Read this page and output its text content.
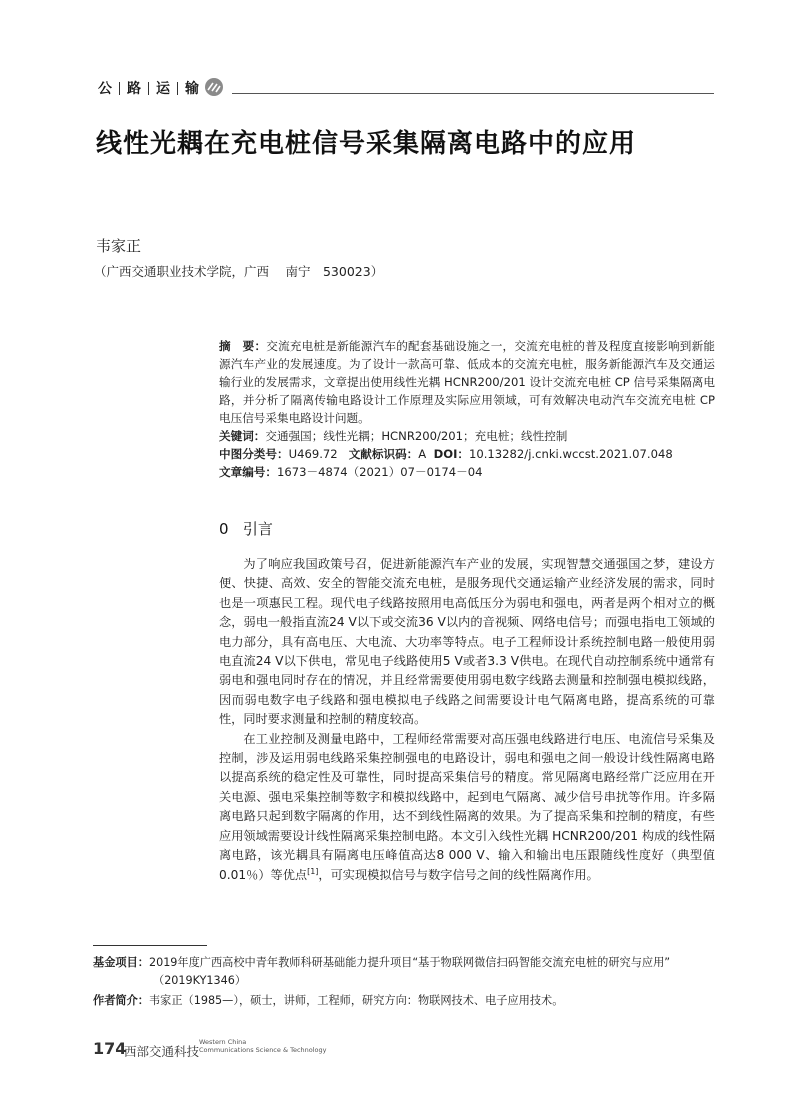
公 路 运 输
线性光耦在充电桩信号采集隔离电路中的应用
韦家正
（广西交通职业技术学院，广西　 南宁　530023）

摘　要：交流充电桩是新能源汽车的配套基础设施之一，交流充电桩的普及程度直接影响到新能源汽车产业的发展速度。为了设计一款高可靠、低成本的交流充电桩，服务新能源汽车及交通运输行业的发展需求，文章提出使用线性光耦 HCNR200/201 设计交流充电桩 CP 信号采集隔离电路，并分析了隔离传输电路设计工作原理及实际应用领域，可有效解决电动汽车交流充电桩 CP 电压信号采集电路设计问题。

关键词：交通强国；线性光耦；HCNR200/201；充电桩；线性控制

中图分类号：U469.72 文献标识码：A DOI：10.13282/j.cnki.wccst.2021.07.048

文章编号：1673－4874（2021）07－0174－04

0 引言

为了响应我国政策号召，促进新能源汽车产业的发展，实现智慧交通强国之梦，建设方便、快捷、高效、安全的智能交流充电桩，是服务现代交通运输产业经济发展的需求，同时也是一项惠民工程。现代电子线路按照用电高低压分为弱电和强电，两者是两个相对立的概念，弱电一般指直流24 V以下或交流36 V以内的音视频、网络电信号；而强电指电工领域的电力部分，具有高电压、大电流、大功率等特点。电子工程师设计系统控制电路一般使用弱电直流24 V以下供电，常见电子线路使用5 V或者3.3 V供电。在现代自动控制系统中通常有弱电和强电同时存在的情况，并且经常需要使用弱电数字线路去测量和控制强电模拟线路，因而弱电数字电子线路和强电模拟电子线路之间需要设计电气隔离电路，提高系统的可靠性，同时要求测量和控制的精度较高。

在工业控制及测量电路中，工程师经常需要对高压强电线路进行电压、电流信号采集及控制，涉及运用弱电线路采集控制强电的电路设计，弱电和强电之间一般设计线性隔离电路以提高系统的稳定性及可靠性，同时提高采集信号的精度。常见隔离电路经常广泛应用在开关电源、强电采集控制等数字和模拟线路中，起到电气隔离、减少信号串扰等作用。许多隔离电路只起到数字隔离的作用，达不到线性隔离的效果。为了提高采集和控制的精度，有些应用领域需要设计线性隔离采集控制电路。本文引入线性光耦 HCNR200/201 构成的线性隔离电路，该光耦具有隔离电压峰值高达8 000 V、输入和输出电压跟随线性度好（典型值0.01％）等优点[1]，可实现模拟信号与数字信号之间的线性隔离作用。

基金项目：2019年度广西高校中青年教师科研基础能力提升项目“基于物联网微信扫码智能交流充电桩的研究与应用”
（2019KY1346）
作者简介：韦家正（1985—），硕士，讲师，工程师，研究方向：物联网技术、电子应用技术。
174
西部交通科技
Western China
Communications Science & Technology
